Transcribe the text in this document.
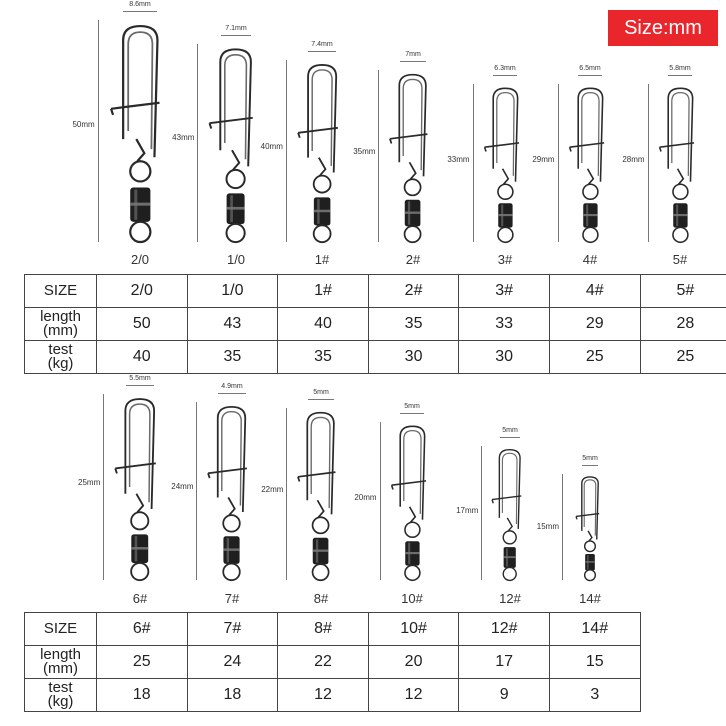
Size:mm
50mm
8.6mm
2/0
43mm
7.1mm
1/0
40mm
7.4mm
1#
35mm
7mm
2#
33mm
6.3mm
3#
29mm
6.5mm
4#
28mm
5.8mm
5#
25mm
5.5mm
6#
24mm
4.9mm
7#
22mm
5mm
8#
20mm
5mm
10#
17mm
5mm
12#
15mm
5mm
14#
SIZE	2/0	1/0	1#	2#	3#	4#	5#

length
(mm)	50	43	40	35	33	29	28

test
(kg)	40	35	35	30	30	25	25
SIZE	6#	7#	8#	10#	12#	14#

length
(mm)	25	24	22	20	17	15

test
(kg)	18	18	12	12	9	3
